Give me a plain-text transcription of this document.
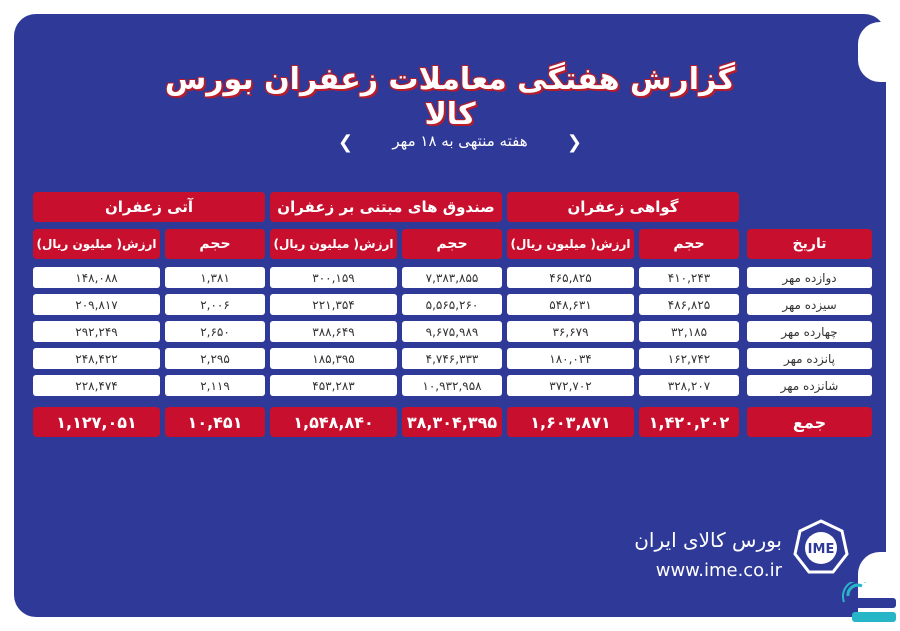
گزارش هفتگی معاملات زعفران بورس کالا
❮	هفته منتهی به ۱۸ مهر	❯
گواهی زعفران
صندوق های مبتنی بر زعفران
آتی زعفران
تاریخ
حجم
ارزش( میلیون ریال)
حجم
ارزش( میلیون ریال)
حجم
ارزش( میلیون ریال)
دوازده مهر
۴۱۰,۲۴۳
۴۶۵,۸۲۵
۷,۳۸۳,۸۵۵
۳۰۰,۱۵۹
۱,۳۸۱
۱۴۸,۰۸۸
سیزده مهر
۴۸۶,۸۲۵
۵۴۸,۶۳۱
۵,۵۶۵,۲۶۰
۲۲۱,۳۵۴
۲,۰۰۶
۲۰۹,۸۱۷
چهارده مهر
۳۲,۱۸۵
۳۶,۶۷۹
۹,۶۷۵,۹۸۹
۳۸۸,۶۴۹
۲,۶۵۰
۲۹۲,۲۴۹
پانزده مهر
۱۶۲,۷۴۲
۱۸۰,۰۳۴
۴,۷۴۶,۳۳۳
۱۸۵,۳۹۵
۲,۲۹۵
۲۴۸,۴۲۲
شانزده مهر
۳۲۸,۲۰۷
۳۷۲,۷۰۲
۱۰,۹۳۲,۹۵۸
۴۵۳,۲۸۳
۲,۱۱۹
۲۲۸,۴۷۴
جمع
۱,۴۲۰,۲۰۲
۱,۶۰۳,۸۷۱
۳۸,۳۰۴,۳۹۵
۱,۵۴۸,۸۴۰
۱۰,۴۵۱
۱,۱۲۷,۰۵۱
بورس کالای ایران
www.ime.co.ir
IME
